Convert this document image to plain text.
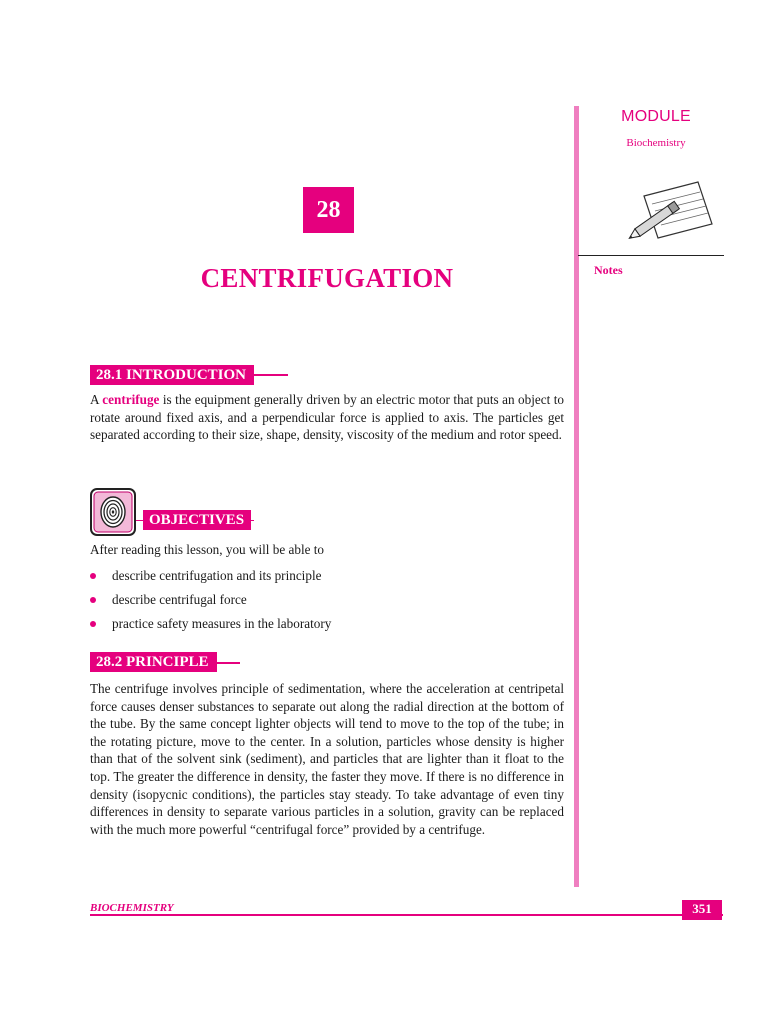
MODULE
Biochemistry
Notes
28
CENTRIFUGATION
28.1 INTRODUCTION

A centrifuge is the equipment generally driven by an electric motor that puts an object to rotate around fixed axis, and a perpendicular force is applied to axis. The particles get separated according to their size, shape, density, viscosity of the medium and rotor speed.

OBJECTIVES

After reading this lesson, you will be able to

describe centrifugation and its principle
describe centrifugal force
practice safety measures in the laboratory
28.2 PRINCIPLE

The centrifuge involves principle of sedimentation, where the acceleration at centripetal force causes denser substances to separate out along the radial direction at the bottom of the tube. By the same concept lighter objects will tend to move to the top of the tube; in the rotating picture, move to the center. In a solution, particles whose density is higher than that of the solvent sink (sediment), and particles that are lighter than it float to the top. The greater the difference in density, the faster they move. If there is no difference in density (isopycnic conditions), the particles stay steady. To take advantage of even tiny differences in density to separate various particles in a solution, gravity can be replaced with the much more powerful “centrifugal force” provided by a centrifuge.

BIOCHEMISTRY	351
